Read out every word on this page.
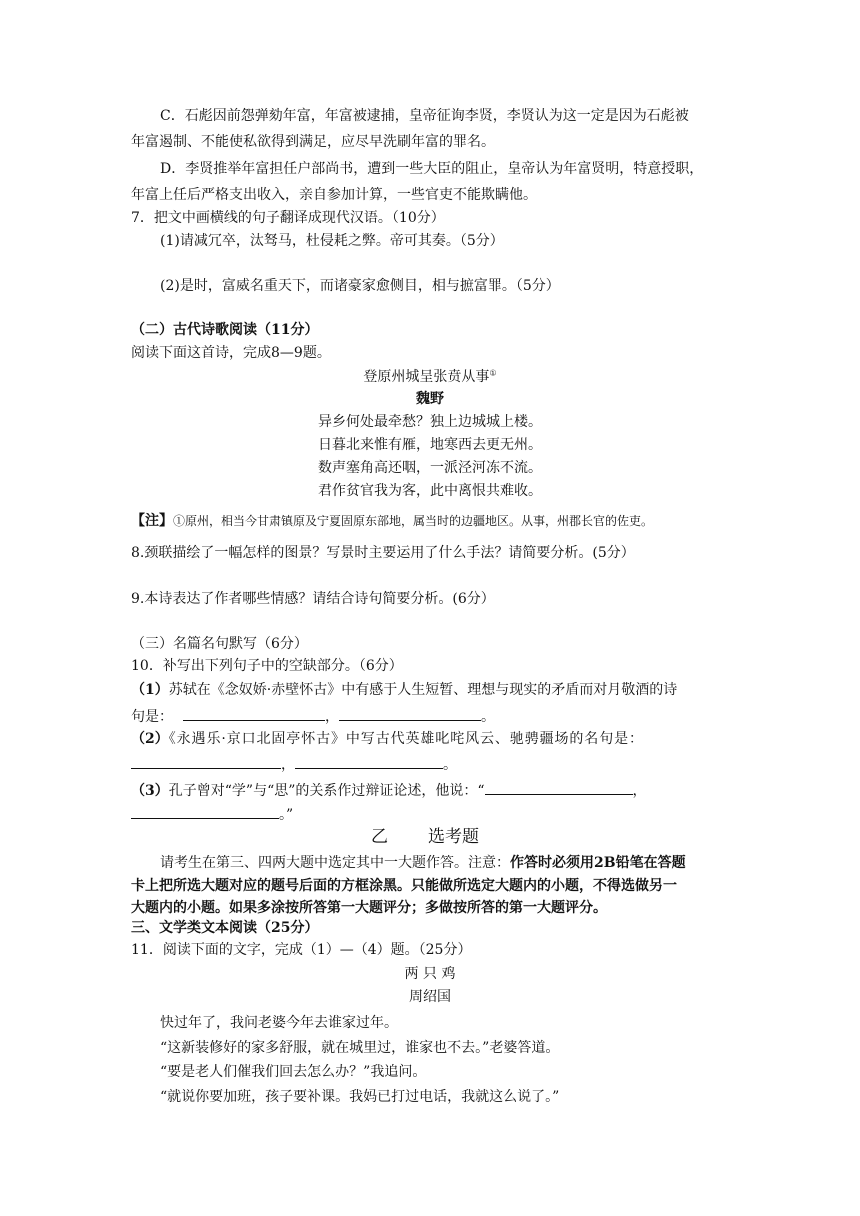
C．石彪因前怨弹劾年富，年富被逮捕，皇帝征询李贤，李贤认为这一定是因为石彪被
年富遏制、不能使私欲得到满足，应尽早洗刷年富的罪名。
D．李贤推举年富担任户部尚书，遭到一些大臣的阻止，皇帝认为年富贤明，特意授职，
年富上任后严格支出收入，亲自参加计算，一些官吏不能欺瞒他。
7．把文中画横线的句子翻译成现代汉语。（10分）
(1)请减冗卒，汰驽马，杜侵耗之弊。帝可其奏。（5分）
(2)是时，富威名重天下，而诸豪家愈侧目，相与摭富罪。（5分）
（二）古代诗歌阅读（11分）
阅读下面这首诗，完成8—9题。
登原州城呈张贲从事①
魏野
异乡何处最牵愁？独上边城城上楼。
日暮北来惟有雁，地寒西去更无州。
数声塞角高还咽，一派泾河冻不流。
君作贫官我为客，此中离恨共难收。
【注】①原州，相当今甘肃镇原及宁夏固原东部地，属当时的边疆地区。从事，州郡长官的佐吏。
8.颈联描绘了一幅怎样的图景？写景时主要运用了什么手法？请简要分析。(5分）
9.本诗表达了作者哪些情感？请结合诗句简要分析。(6分）
（三）名篇名句默写（6分）
10．补写出下列句子中的空缺部分。（6分）
（1）苏轼在《念奴娇·赤壁怀古》中有感于人生短暂、理想与现实的矛盾而对月敬酒的诗
句是：	，	。
（2）《永遇乐·京口北固亭怀古》中写古代英雄叱咤风云、驰骋疆场的名句是：
，	。
（3）孔子曾对“学”与“思”的关系作过辩证论述，他说：“	，
。”
乙 选考题
请考生在第三、四两大题中选定其中一大题作答。注意：作答时必须用2B铅笔在答题
卡上把所选大题对应的题号后面的方框涂黑。只能做所选定大题内的小题，不得选做另一
大题内的小题。如果多涂按所答第一大题评分；多做按所答的第一大题评分。
三、文学类文本阅读（25分）
11．阅读下面的文字，完成（1）—（4）题。（25分）
两 只 鸡
周绍国
快过年了，我问老婆今年去谁家过年。
“这新装修好的家多舒服，就在城里过，谁家也不去。”老婆答道。
“要是老人们催我们回去怎么办？”我追问。
“就说你要加班，孩子要补课。我妈已打过电话，我就这么说了。”
